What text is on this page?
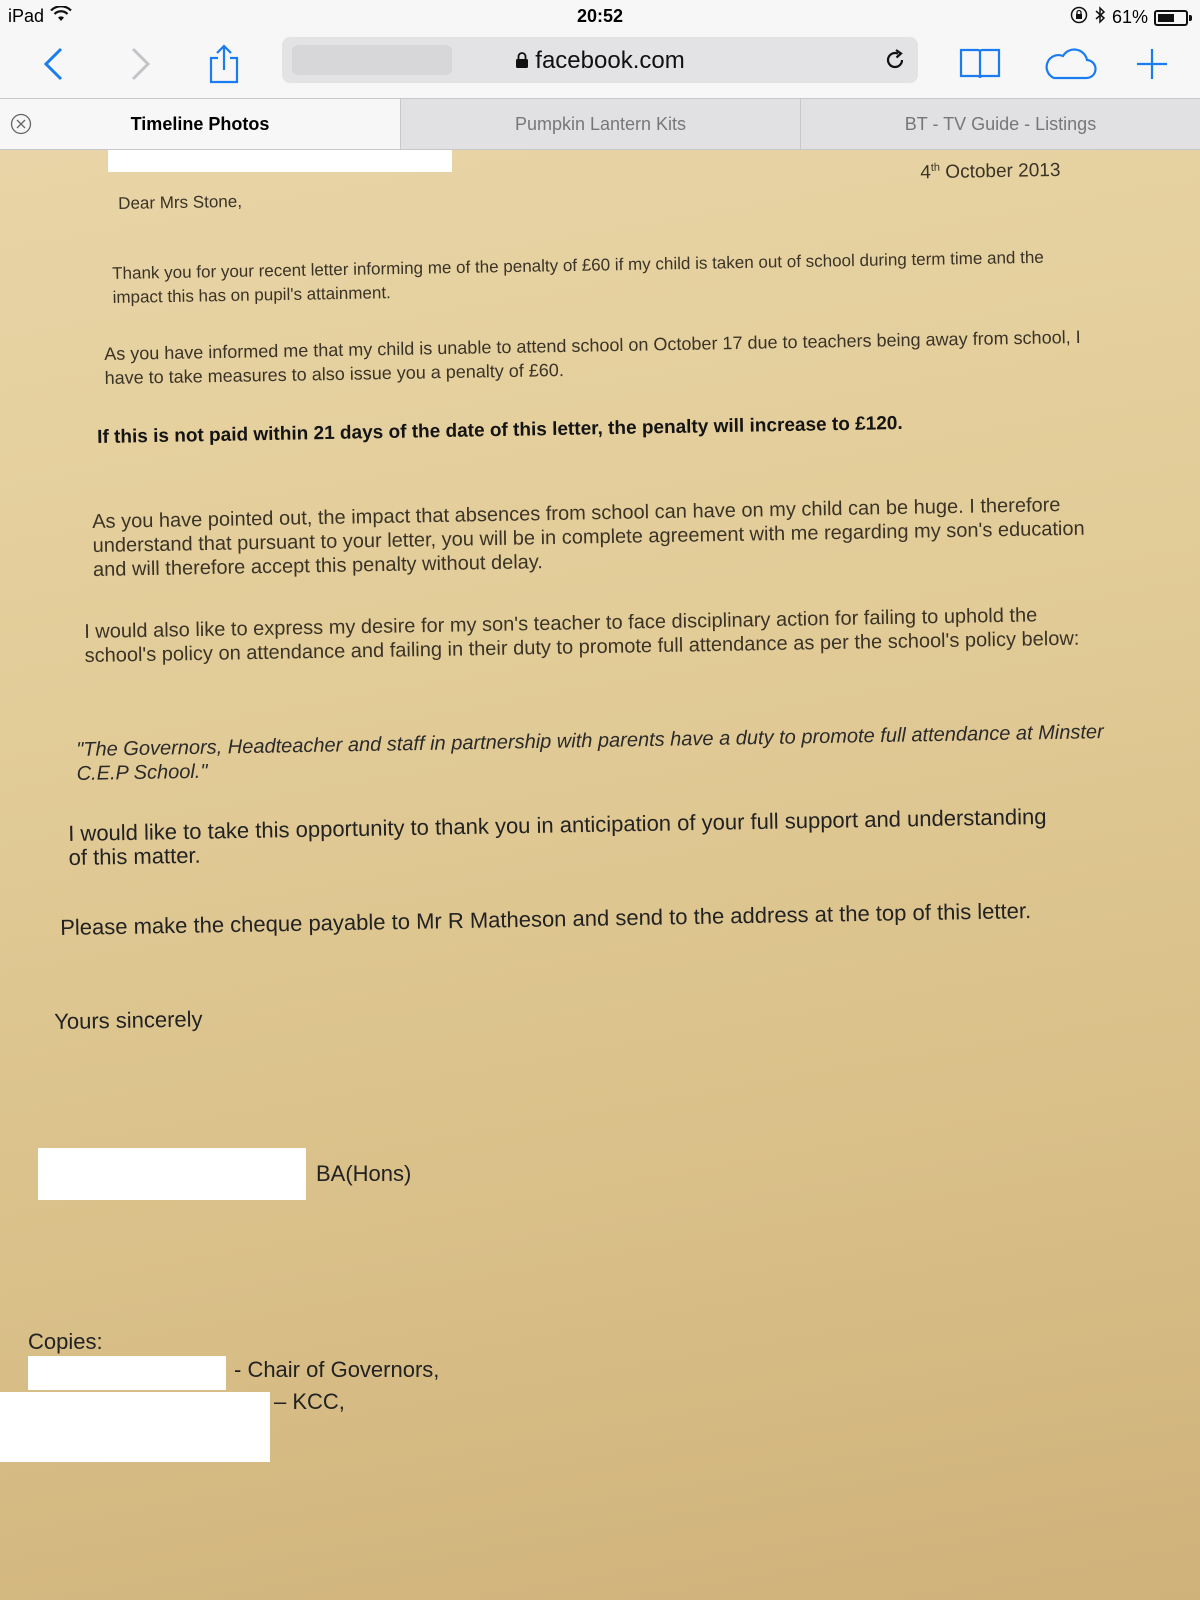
iPad	20:52	61%
facebook.com
Timeline Photos	Pumpkin Lantern Kits	BT - TV Guide - Listings
4th October 2013
Dear Mrs Stone,
Thank you for your recent letter informing me of the penalty of £60 if my child is taken out of school during term time and the impact this has on pupil's attainment.
As you have informed me that my child is unable to attend school on October 17 due to teachers being away from school, I have to take measures to also issue you a penalty of £60.
If this is not paid within 21 days of the date of this letter, the penalty will increase to £120.
As you have pointed out, the impact that absences from school can have on my child can be huge. I therefore understand that pursuant to your letter, you will be in complete agreement with me regarding my son's education and will therefore accept this penalty without delay.
I would also like to express my desire for my son's teacher to face disciplinary action for failing to uphold the school's policy on attendance and failing in their duty to promote full attendance as per the school's policy below:
"The Governors, Headteacher and staff in partnership with parents have a duty to promote full attendance at Minster C.E.P School."
I would like to take this opportunity to thank you in anticipation of your full support and understanding of this matter.
Please make the cheque payable to Mr R Matheson and send to the address at the top of this letter.
Yours sincerely
BA(Hons)
Copies:
- Chair of Governors,
– KCC,
